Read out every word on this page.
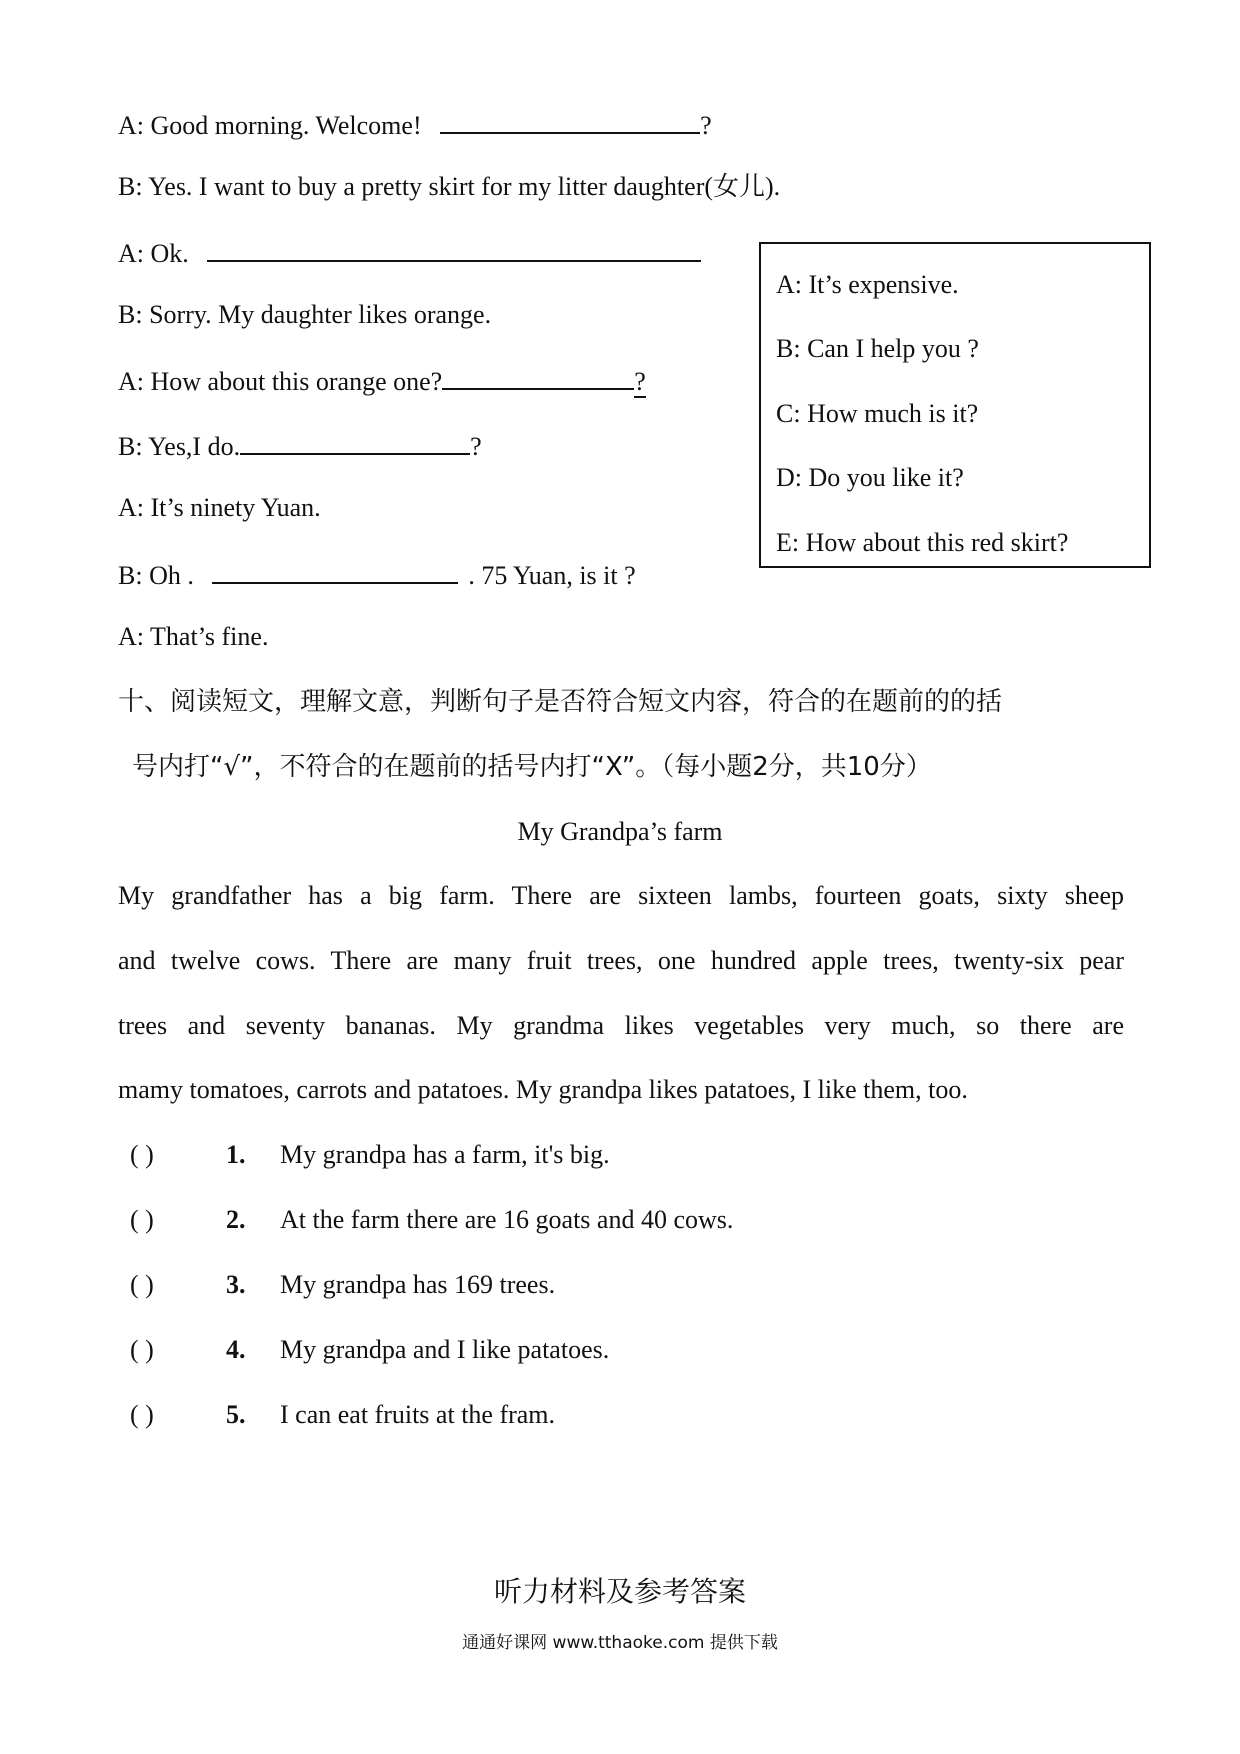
A: Good morning. Welcome!	?
B: Yes. I want to buy a pretty skirt for my litter daughter(女儿).
A: Ok.
B: Sorry. My daughter likes orange.
A: How about this orange one?	?
B: Yes,I do.	?
A: It’s ninety Yuan.
B: Oh .	. 75 Yuan, is it ?
A: That’s fine.
A: It’s expensive.
B: Can I help you ?
C: How much is it?
D: Do you like it?
E: How about this red skirt?
十、阅读短文，理解文意，判断句子是否符合短文内容，符合的在题前的的括
号内打“√”，不符合的在题前的括号内打“X”。（每小题2分，共10分）
My Grandpa’s farm
My grandfather has a big farm. There are sixteen lambs, fourteen goats, sixty sheep
and twelve cows. There are many fruit trees, one hundred apple trees, twenty-six pear
trees and seventy bananas. My grandma likes vegetables very much, so there are
mamy tomatoes, carrots and patatoes. My grandpa likes patatoes, I like them, too.
( )	1. My grandpa has a farm, it's big.
( )	2. At the farm there are 16 goats and 40 cows.
( )	3. My grandpa has 169 trees.
( )	4. My grandpa and I like patatoes.
( )	5. I can eat fruits at the fram.
听力材料及参考答案
通通好课网 www.tthaoke.com 提供下载
